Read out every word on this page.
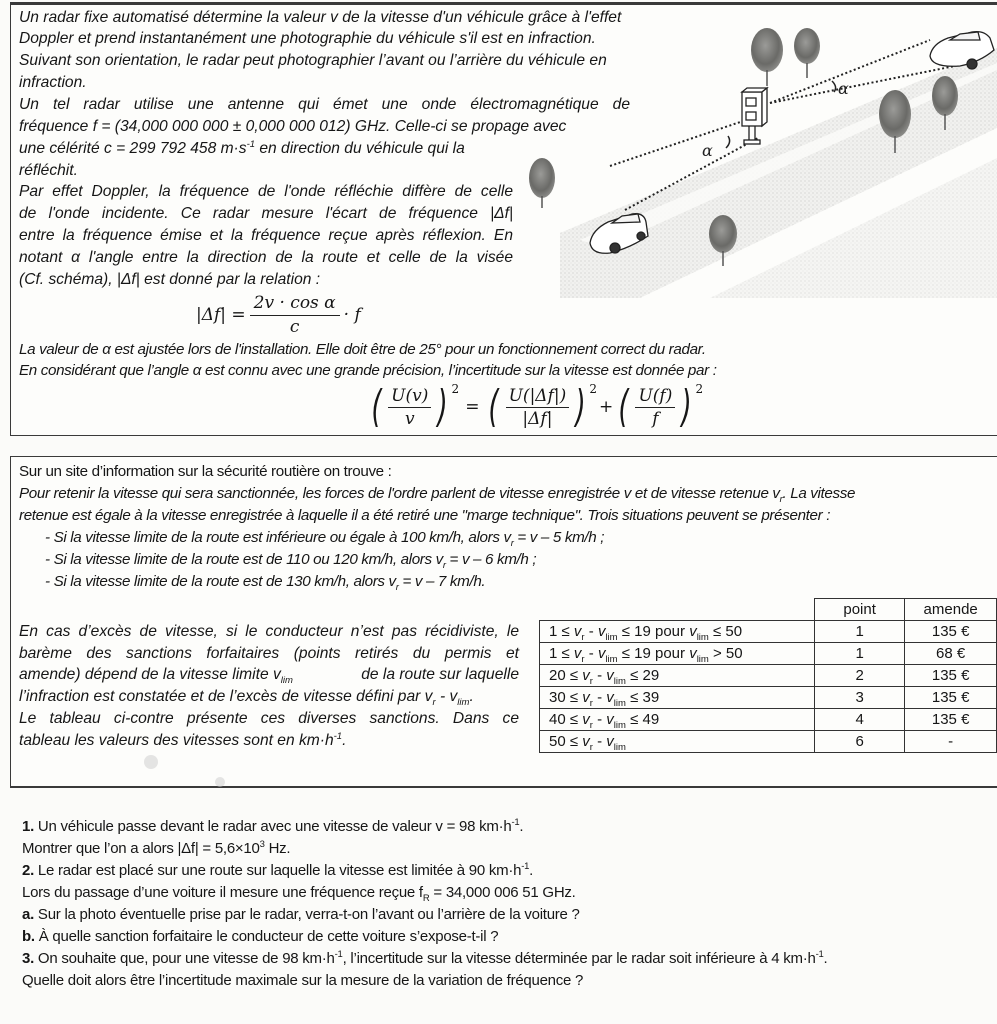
Un radar fixe automatisé détermine la valeur v de la vitesse d'un véhicule grâce à l'effet
Doppler et prend instantanément une photographie du véhicule s'il est en infraction.
Suivant son orientation, le radar peut photographier l’avant ou l’arrière du véhicule en
infraction.
Un tel radar utilise une antenne qui émet une onde électromagnétique de
fréquence f = (34,000 000 000 ± 0,000 000 012) GHz. Celle-ci se propage avec
une célérité c = 299 792 458 $m\cdot s^{-1}$ en direction du véhicule qui la
réfléchit.
Par effet Doppler, la fréquence de l'onde réfléchie diffère de celle
de l'onde incidente. Ce radar mesure l'écart de fréquence |Δf|
entre la fréquence émise et la fréquence reçue après réflexion. En
notant α l'angle entre la direction de la route et celle de la visée
(Cf. schéma), |Δf| est donné par la relation :
$|\Delta f| = \frac{\text{2v · cos α}}{c} \cdot f$
La valeur de α est ajustée lors de l'installation. Elle doit être de 25° pour un fonctionnement correct du radar.
En considérant que l’angle α est connu avec une grande précision, l’incertitude sur la vitesse est donnée par :
( $\frac{U(v)}{v}$ ) 2
= ( $\frac{U(|\Delta f|)}{|\Delta f|}$ ) 2
+ ( $\frac{U(f)}{f}$ ) 2
α
α
Sur un site d’information sur la sécurité routière on trouve :
Pour retenir la vitesse qui sera sanctionnée, les forces de l'ordre parlent de vitesse enregistrée v et de vitesse retenue $v_r$. La vitesse
retenue est égale à la vitesse enregistrée à laquelle il a été retiré une "marge technique". Trois situations peuvent se présenter :
- Si la vitesse limite de la route est inférieure ou égale à 100 km/h, alors $v_r = v - 5$ km/h ;
- Si la vitesse limite de la route est de 110 ou 120 km/h, alors $v_r = v - 6$ km/h ;
- Si la vitesse limite de la route est de 130 km/h, alors $v_r = v - 7$ km/h.
En cas d’excès de vitesse, si le conducteur n’est pas récidiviste, le
barème des sanctions forfaitaires (points retirés du permis et
amende) dépend de la vitesse limite $v_{lim}$	de la route sur laquelle
l’infraction est constatée et de l’excès de vitesse défini par $v_r - v_{lim}$.
Le tableau ci-contre présente ces diverses sanctions. Dans ce
tableau les valeurs des vitesses sont en $km\cdot h^{-1}$.
	point	amende
$1 \le v_r - v_{lim} \le 19$ pour $v_{lim} \le 50$	1	135 €
$1 \le v_r - v_{lim} \le 19$ pour $v_{lim} > 50$	1	68 €
$20 \le v_r - v_{lim} \le 29$	2	135 €
$30 \le v_r - v_{lim} \le 39$	3	135 €
$40 \le v_r - v_{lim} \le 49$	4	135 €
$50 \le v_r - v_{lim}$	6	-
1. Un véhicule passe devant le radar avec une vitesse de valeur v = 98 $km\cdot h^{-1}$.
Montrer que l’on a alors $|\Delta f| = 5,6\times 10^3$ Hz.
2. Le radar est placé sur une route sur laquelle la vitesse est limitée à 90 $km\cdot h^{-1}$.
Lors du passage d’une voiture il mesure une fréquence reçue $f_R = 34,000$ 006 51 GHz.
a. Sur la photo éventuelle prise par le radar, verra-t-on l’avant ou l’arrière de la voiture ?
b. À quelle sanction forfaitaire le conducteur de cette voiture s’expose-t-il ?
3. On souhaite que, pour une vitesse de 98 $km\cdot h^{-1}$, l’incertitude sur la vitesse déterminée par le radar soit inférieure à 4 $km\cdot h^{-1}$.
Quelle doit alors être l’incertitude maximale sur la mesure de la variation de fréquence ?
